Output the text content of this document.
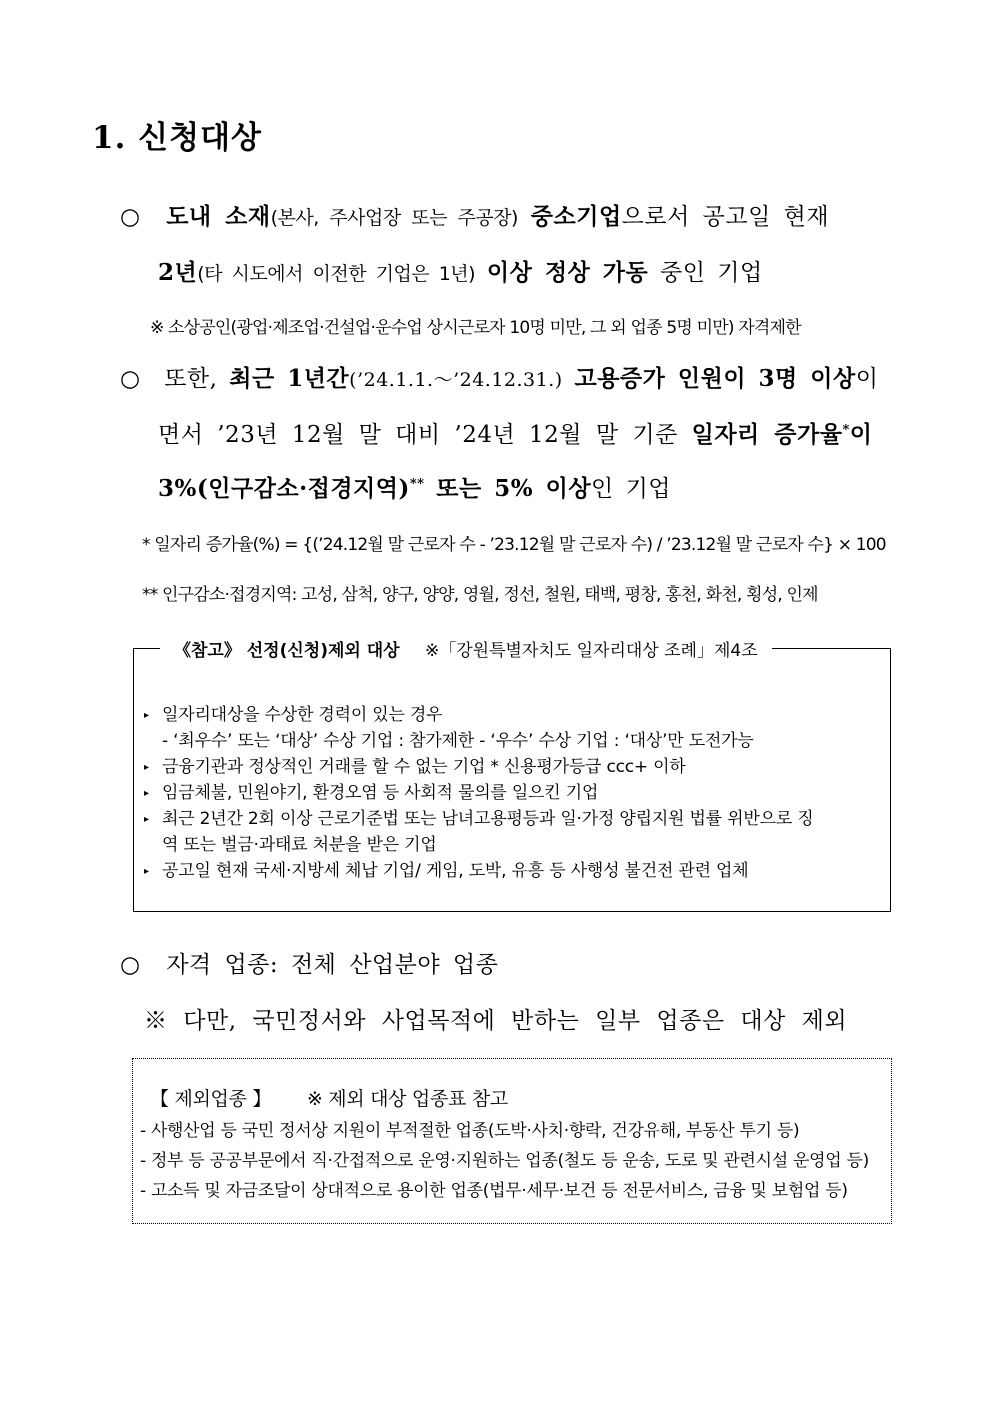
1. 신청대상
○ 도내 소재(본사, 주사업장 또는 주공장) 중소기업으로서 공고일 현재
2년(타 시도에서 이전한 기업은 1년) 이상 정상 가동 중인 기업
※ 소상공인(광업·제조업·건설업·운수업 상시근로자 10명 미만, 그 외 업종 5명 미만) 자격제한
○ 또한, 최근 1년간(’24.1.1.～’24.12.31.) 고용증가 인원이 3명 이상이
면서 ’23년 12월 말 대비 ’24년 12월 말 기준 일자리 증가율*이
3%(인구감소·접경지역)** 또는 5% 이상인 기업
* 일자리 증가율(%) = {(’24.12월 말 근로자 수 - ’23.12월 말 근로자 수) / ’23.12월 말 근로자 수} × 100
** 인구감소·접경지역: 고성, 삼척, 양구, 양양, 영월, 정선, 철원, 태백, 평창, 홍천, 화천, 횡성, 인제
《참고》 선정(신청)제외 대상 ※「강원특별자치도 일자리대상 조례」제4조
▸ 일자리대상을 수상한 경력이 있는 경우
- ‘최우수’ 또는 ‘대상’ 수상 기업 : 참가제한 - ‘우수’ 수상 기업 : ‘대상’만 도전가능
▸ 금융기관과 정상적인 거래를 할 수 없는 기업 * 신용평가등급 ccc+ 이하
▸ 임금체불, 민원야기, 환경오염 등 사회적 물의를 일으킨 기업
▸ 최근 2년간 2회 이상 근로기준법 또는 남녀고용평등과 일·가정 양립지원 법률 위반으로 징
역 또는 벌금·과태료 처분을 받은 기업
▸ 공고일 현재 국세·지방세 체납 기업/ 게임, 도박, 유흥 등 사행성 불건전 관련 업체
○ 자격 업종: 전체 산업분야 업종
※ 다만, 국민정서와 사업목적에 반하는 일부 업종은 대상 제외
【 제외업종 】 ※ 제외 대상 업종표 참고
- 사행산업 등 국민 정서상 지원이 부적절한 업종(도박·사치·향락, 건강유해, 부동산 투기 등)
- 정부 등 공공부문에서 직·간접적으로 운영·지원하는 업종(철도 등 운송, 도로 및 관련시설 운영업 등)
- 고소득 및 자금조달이 상대적으로 용이한 업종(법무·세무·보건 등 전문서비스, 금융 및 보험업 등)
